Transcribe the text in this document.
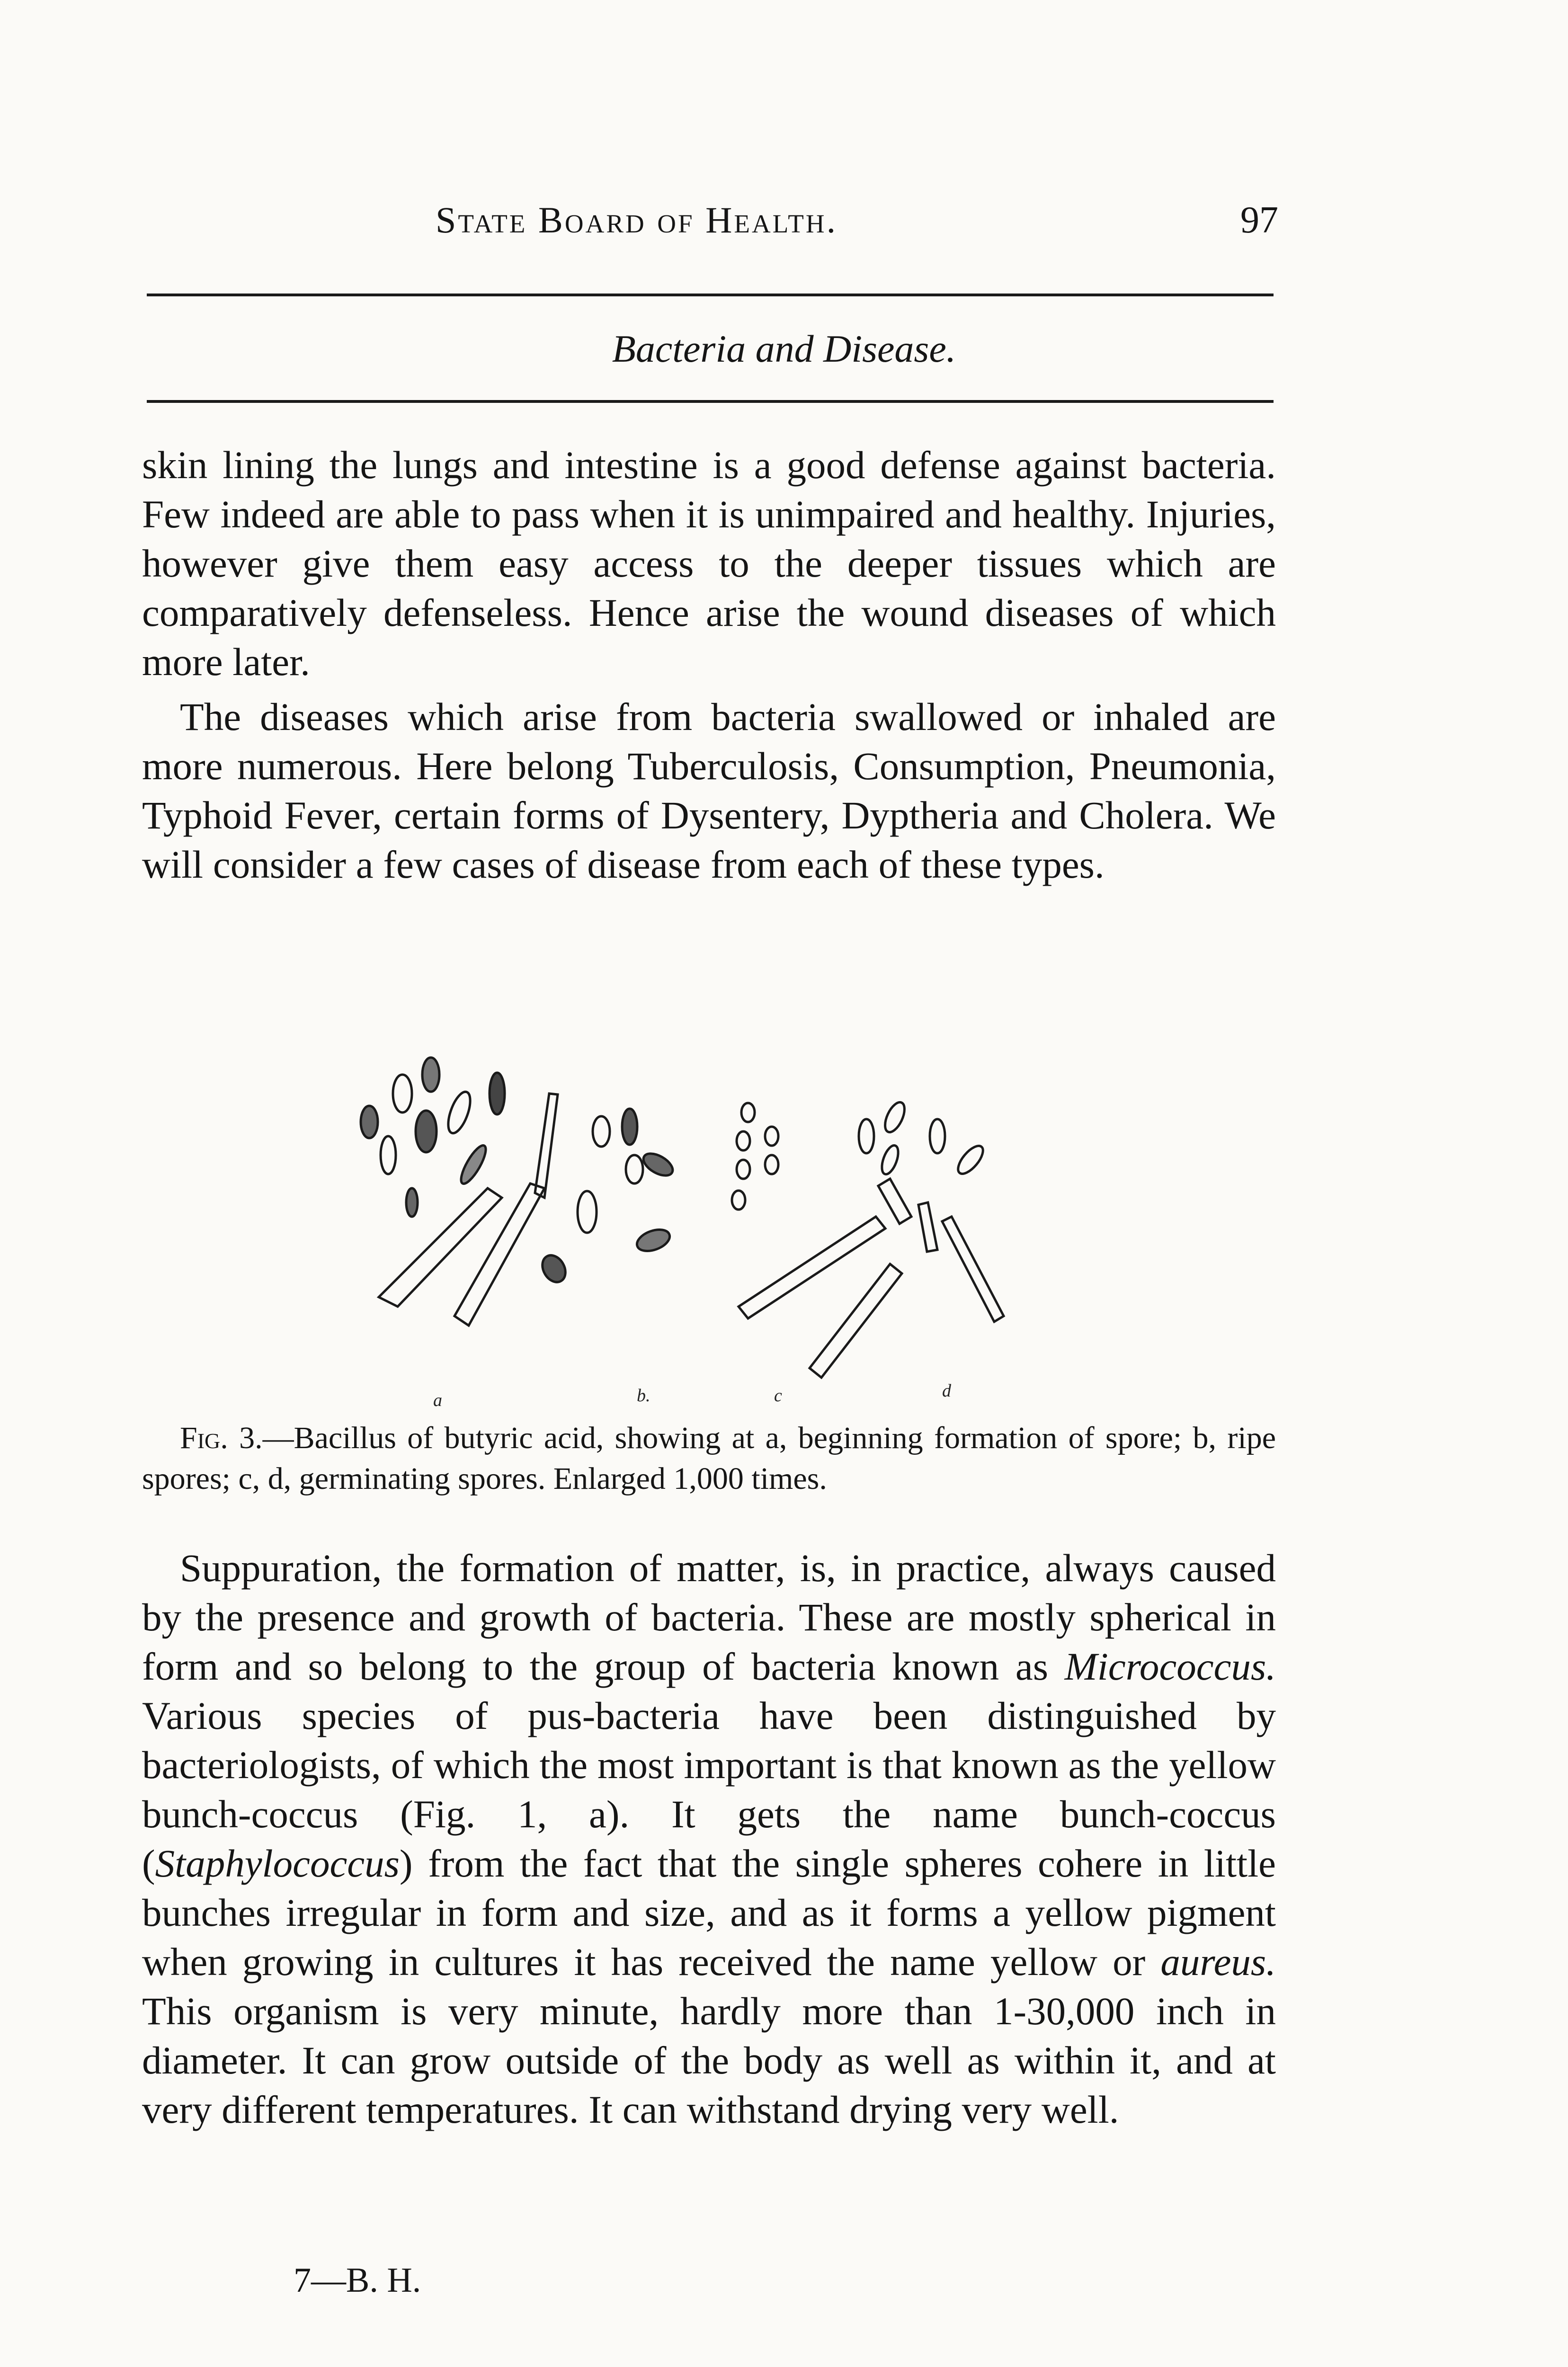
State Board of Health.	97
Bacteria and Disease.

skin lining the lungs and intestine is a good defense against bacteria. Few indeed are able to pass when it is unimpaired and healthy. Injuries, however give them easy access to the deeper tissues which are comparatively defenseless. Hence arise the wound diseases of which more later.

The diseases which arise from bacteria swallowed or inhaled are more numerous. Here belong Tuberculosis, Consumption, Pneumonia, Typhoid Fever, certain forms of Dysentery, Dyptheria and Cholera. We will consider a few cases of disease from each of these types.

a	b.	c	d
Fig. 3.—Bacillus of butyric acid, showing at a, beginning formation of spore; b, ripe spores; c, d, germinating spores. Enlarged 1,000 times.

Suppuration, the formation of matter, is, in practice, always caused by the presence and growth of bacteria. These are mostly spherical in form and so belong to the group of bacteria known as Micrococcus. Various species of pus-bacteria have been distinguished by bacteriologists, of which the most important is that known as the yellow bunch-coccus (Fig. 1, a). It gets the name bunch-coccus (Staphylococcus) from the fact that the single spheres cohere in little bunches irregular in form and size, and as it forms a yellow pigment when growing in cultures it has received the name yellow or aureus. This organism is very minute, hardly more than 1-30,000 inch in diameter. It can grow outside of the body as well as within it, and at very different temperatures. It can withstand drying very well.

7—B. H.
